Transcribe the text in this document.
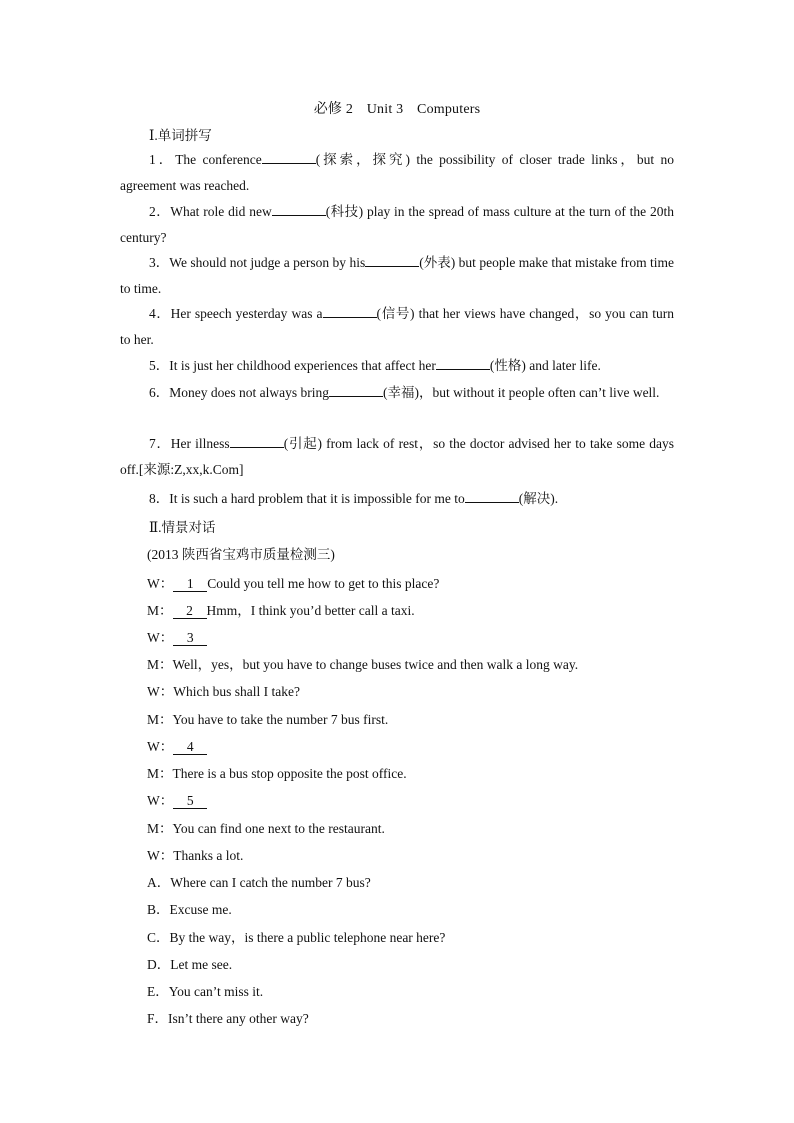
必修 2 Unit 3 Computers
Ⅰ.单词拼写
1．The conference	(探索，探究) the possibility of closer trade links，but no agreement was reached.
2．What role did new	(科技) play in the spread of mass culture at the turn of the 20th century?
3．We should not judge a person by his	(外表) but people make that mistake from time to time.
4．Her speech yesterday was a	(信号) that her views have changed，so you can turn to her.
5．It is just her childhood experiences that affect her	(性格) and later life.
6．Money does not always bring	(幸福)，but without it people often can’t live well.
7．Her illness	(引起) from lack of rest，so the doctor advised her to take some days off.[来源:Z,xx,k.Com]
8．It is such a hard problem that it is impossible for me to	(解决).
Ⅱ.情景对话
(2013 陕西省宝鸡市质量检测三)
W： 1 Could you tell me how to get to this place?
M： 2 Hmm，I think you’d better call a taxi.
W： 3
M：Well，yes，but you have to change buses twice and then walk a long way.
W：Which bus shall I take?
M：You have to take the number 7 bus first.
W： 4
M：There is a bus stop opposite the post office.
W： 5
M：You can find one next to the restaurant.
W：Thanks a lot.
A．Where can I catch the number 7 bus?
B．Excuse me.
C．By the way，is there a public telephone near here?
D．Let me see.
E．You can’t miss it.
F．Isn’t there any other way?
